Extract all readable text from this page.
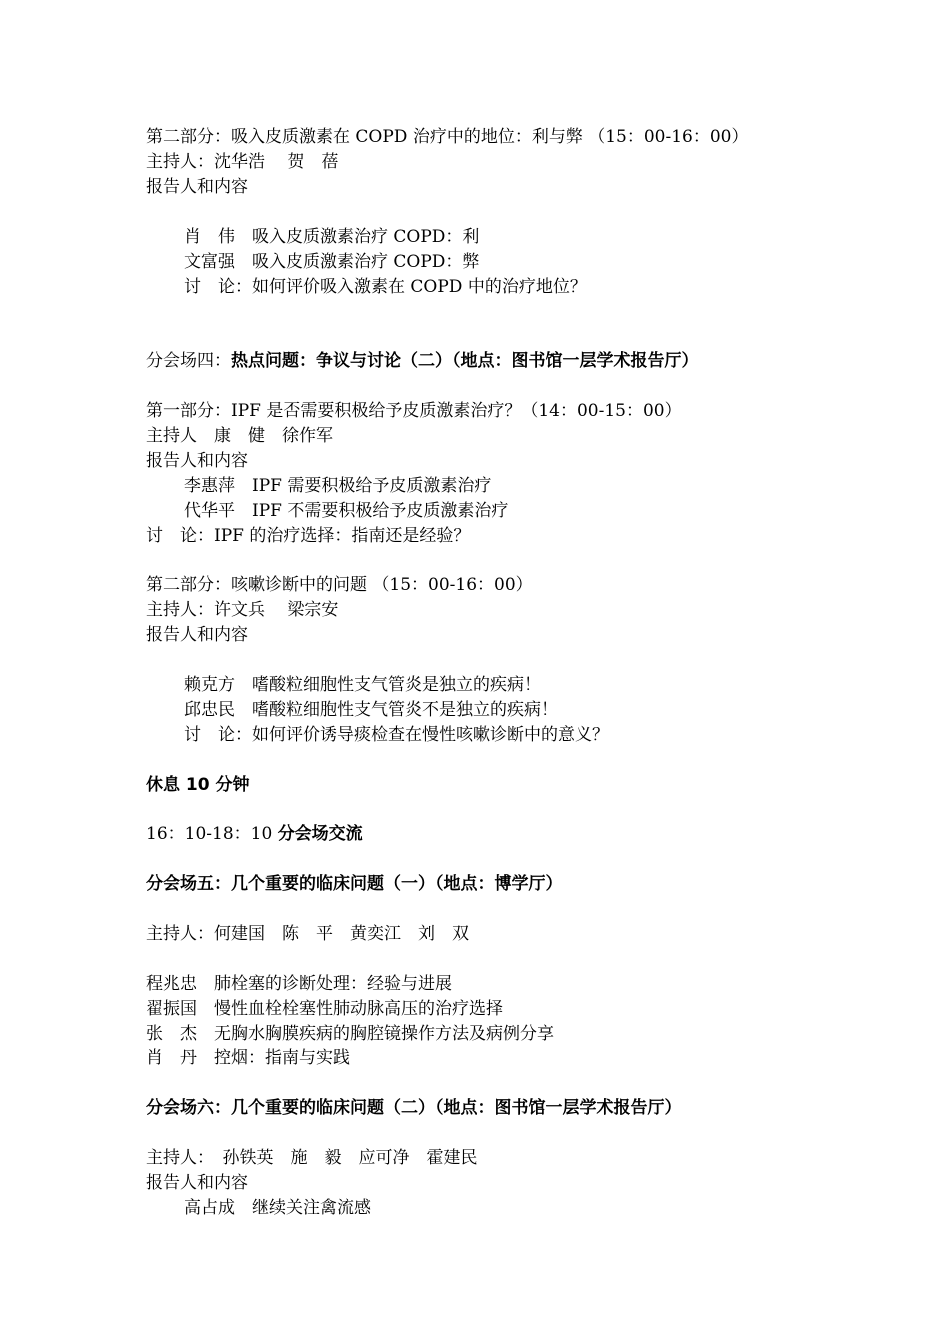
第二部分：吸入皮质激素在 COPD 治疗中的地位：利与弊 （15：00-16：00）
主持人：沈华浩　 贺　蓓
报告人和内容
肖　伟　吸入皮质激素治疗 COPD：利
文富强　吸入皮质激素治疗 COPD：弊
讨　论：如何评价吸入激素在 COPD 中的治疗地位？
分会场四：热点问题：争议与讨论（二）（地点：图书馆一层学术报告厅）
第一部分：IPF 是否需要积极给予皮质激素治疗？（14：00-15：00）
主持人　康　健　徐作军
报告人和内容
李惠萍　IPF 需要积极给予皮质激素治疗
代华平　IPF 不需要积极给予皮质激素治疗
讨　论：IPF 的治疗选择：指南还是经验？
第二部分：咳嗽诊断中的问题 （15：00-16：00）
主持人：许文兵　 梁宗安
报告人和内容
赖克方　嗜酸粒细胞性支气管炎是独立的疾病！
邱忠民　嗜酸粒细胞性支气管炎不是独立的疾病！
讨　论：如何评价诱导痰检查在慢性咳嗽诊断中的意义？
休息 10 分钟
16：10-18：10 分会场交流
分会场五：几个重要的临床问题（一）（地点：博学厅）
主持人：何建国　陈　平　黄奕江　刘　双
程兆忠　肺栓塞的诊断处理：经验与进展
翟振国　慢性血栓栓塞性肺动脉高压的治疗选择
张　杰　无胸水胸膜疾病的胸腔镜操作方法及病例分享
肖　丹　控烟：指南与实践
分会场六：几个重要的临床问题（二）（地点：图书馆一层学术报告厅）
主持人：　孙铁英　施　毅　应可净　霍建民
报告人和内容
高占成　继续关注禽流感
